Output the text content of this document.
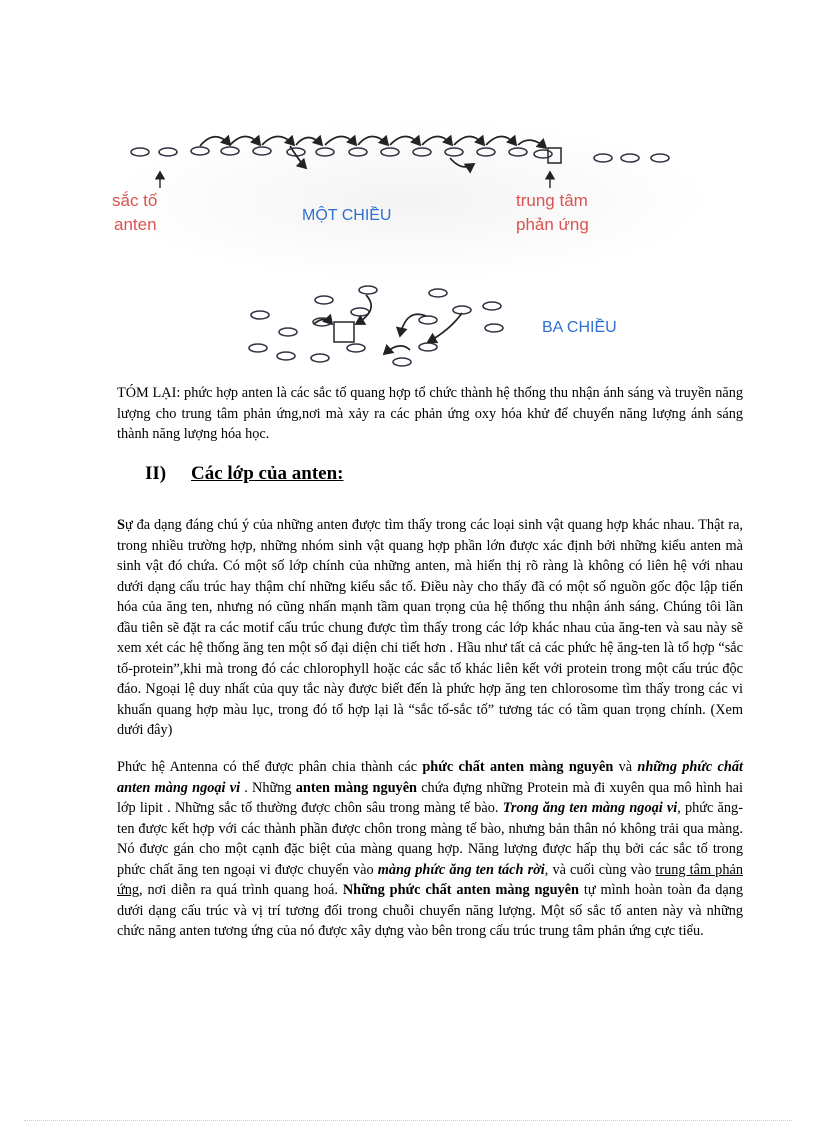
sắc tố
anten	MỘT CHIỀU
trung tâm
phản ứng
BA CHIỀU

TÓM LẠI: phức hợp anten là các sắc tố quang hợp tổ chức thành hệ thống thu nhận ánh sáng và truyền năng lượng cho trung tâm phản ứng,nơi mà xảy ra các phản ứng oxy hóa khử để chuyển năng lượng ánh sáng thành năng lượng hóa học.

II) Các lớp của anten:

Sự đa dạng đáng chú ý của những anten được tìm thấy trong các loại sinh vật quang hợp khác nhau. Thật ra, trong nhiều trường hợp, những nhóm sinh vật quang hợp phần lớn được xác định bởi những kiểu anten mà sinh vật đó chứa. Có một số lớp chính của những anten, mà hiển thị rõ ràng là không có liên hệ với nhau dưới dạng cấu trúc hay thậm chí những kiểu sắc tố. Điều này cho thấy đã có một số nguồn gốc độc lập tiến hóa của ăng ten, nhưng nó cũng nhấn mạnh tầm quan trọng của hệ thống thu nhận ánh sáng. Chúng tôi lần đầu tiên sẽ đặt ra các motif cấu trúc chung được tìm thấy trong các lớp khác nhau của ăng-ten và sau này sẽ xem xét các hệ thống ăng ten một số đại diện chi tiết hơn . Hầu như tất cả các phức hệ ăng-ten là tổ hợp “sắc tố-protein”,khi mà trong đó các chlorophyll hoặc các sắc tố khác liên kết với protein trong một cấu trúc độc đáo. Ngoại lệ duy nhất của quy tắc này được biết đến là phức hợp ăng ten chlorosome tìm thấy trong các vi khuẩn quang hợp màu lục, trong đó tổ hợp lại là “sắc tố-sắc tố” tương tác có tầm quan trọng chính. (Xem dưới đây)

Phức hệ Antenna có thể được phân chia thành các phức chất anten màng nguyên và những phức chất anten màng ngoại vi . Những anten màng nguyên chứa đựng những Protein mà đi xuyên qua mô hình hai lớp lipit . Những sắc tố thường được chôn sâu trong màng tế bào. Trong ăng ten màng ngoại vi, phức ăng-ten được kết hợp với các thành phần được chôn trong màng tế bào, nhưng bản thân nó không trải qua màng. Nó được gán cho một cạnh đặc biệt của màng quang hợp. Năng lượng được hấp thụ bởi các sắc tố trong phức chất ăng ten ngoại vi được chuyển vào màng phức ăng ten tách rời, và cuối cùng vào trung tâm phản ứng, nơi diễn ra quá trình quang hoá. Những phức chất anten màng nguyên tự mình hoàn toàn đa dạng dưới dạng cấu trúc và vị trí tương đối trong chuỗi chuyển năng lượng. Một số sắc tố anten này và những chức năng anten tương ứng của nó được xây dựng vào bên trong cấu trúc trung tâm phản ứng cực tiểu.
